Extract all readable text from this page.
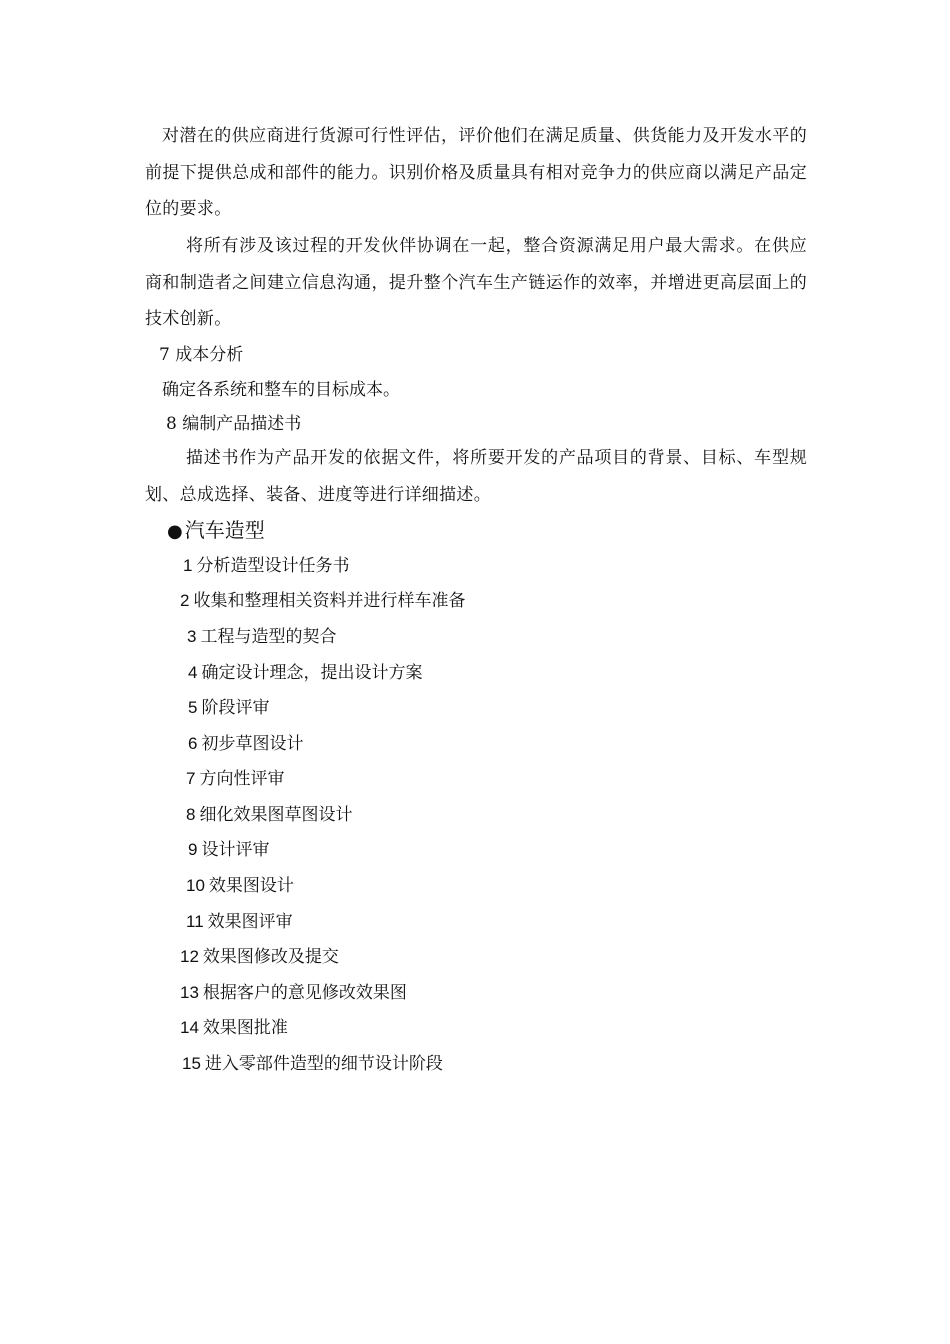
对潜在的供应商进行货源可行性评估，评价他们在满足质量、供货能力及开发水平的前提下提供总成和部件的能力。识别价格及质量具有相对竞争力的供应商以满足产品定位的要求。

将所有涉及该过程的开发伙伴协调在一起，整合资源满足用户最大需求。在供应商和制造者之间建立信息沟通，提升整个汽车生产链运作的效率，并增进更高层面上的技术创新。

7 成本分析

确定各系统和整车的目标成本。

8 编制产品描述书

描述书作为产品开发的依据文件，将所要开发的产品项目的背景、目标、车型规划、总成选择、装备、进度等进行详细描述。

● 汽车造型

1 分析造型设计任务书

2 收集和整理相关资料并进行样车准备

3 工程与造型的契合

4 确定设计理念，提出设计方案

5 阶段评审

6 初步草图设计

7 方向性评审

8 细化效果图草图设计

9 设计评审

10 效果图设计

11 效果图评审

12 效果图修改及提交

13 根据客户的意见修改效果图

14 效果图批准

15 进入零部件造型的细节设计阶段
